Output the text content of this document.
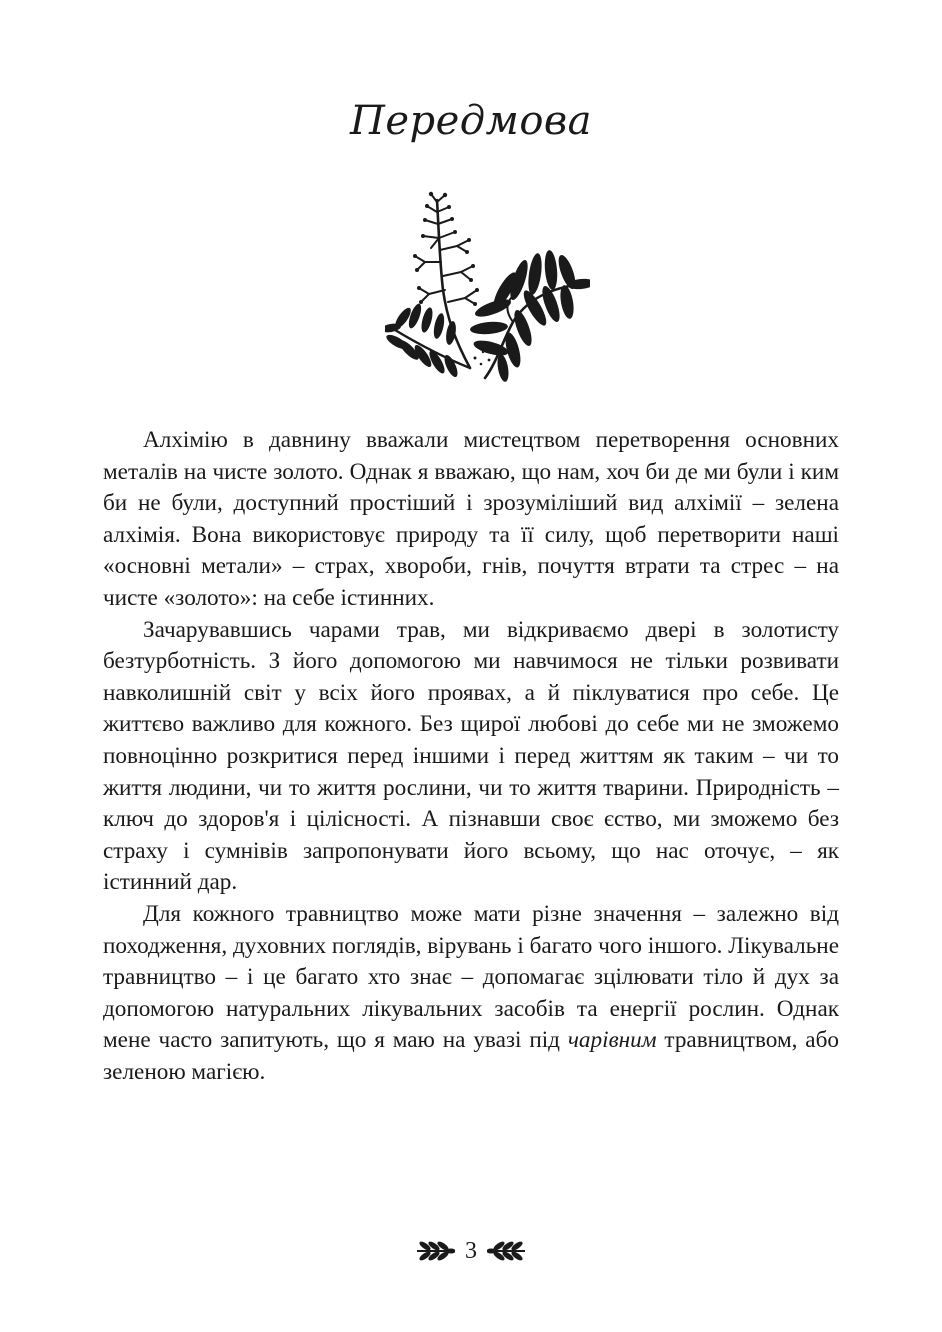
Передмова

Алхімію в давнину вважали мистецтвом перетворення основних металів на чисте золото. Однак я вважаю, що нам, хоч би де ми були і ким би не були, доступний простіший і зрозуміліший вид алхімії – зелена алхімія. Вона використовує природу та її силу, щоб перетворити наші «основні метали» – страх, хвороби, гнів, почуття втрати та стрес – на чисте «золото»: на себе істинних.

Зачарувавшись чарами трав, ми відкриваємо двері в золотисту безтурботність. З його допомогою ми навчимося не тільки розвивати навколишній світ у всіх його проявах, а й піклуватися про себе. Це життєво важливо для кожного. Без щирої любові до себе ми не зможемо повноцінно розкритися перед іншими і перед життям як таким – чи то життя людини, чи то життя рослини, чи то життя тварини. Природність – ключ до здоров'я і цілісності. А пізнавши своє єство, ми зможемо без страху і сумнівів запропонувати його всьому, що нас оточує, – як істинний дар.

Для кожного травництво може мати різне значення – залежно від походження, духовних поглядів, вірувань і багато чого іншого. Лікувальне травництво – і це багато хто знає – допомагає зцілювати тіло й дух за допомогою натуральних лікувальних засобів та енергії рослин. Однак мене часто запитують, що я маю на увазі під чарівним травництвом, або зеленою магією.

3
